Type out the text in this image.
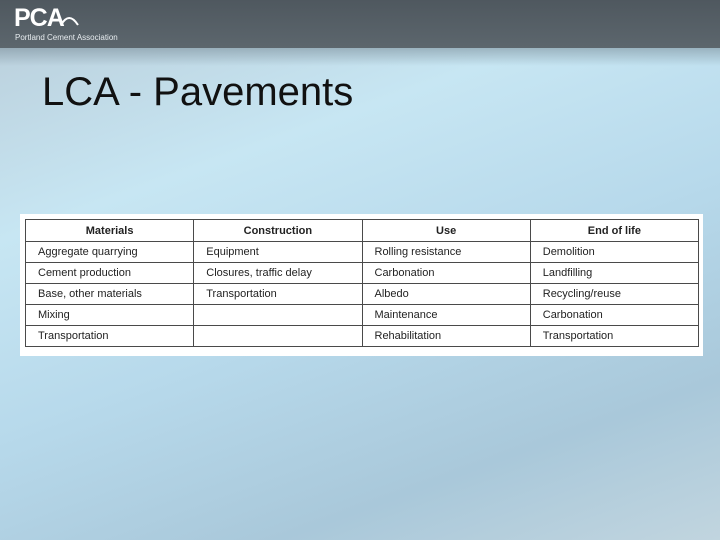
PCA
Portland Cement Association
LCA - Pavements
Materials	Construction	Use	End of life
Aggregate quarrying	Equipment	Rolling resistance	Demolition
Cement production	Closures, traffic delay	Carbonation	Landfilling
Base, other materials	Transportation	Albedo	Recycling/reuse
Mixing		Maintenance	Carbonation
Transportation		Rehabilitation	Transportation
